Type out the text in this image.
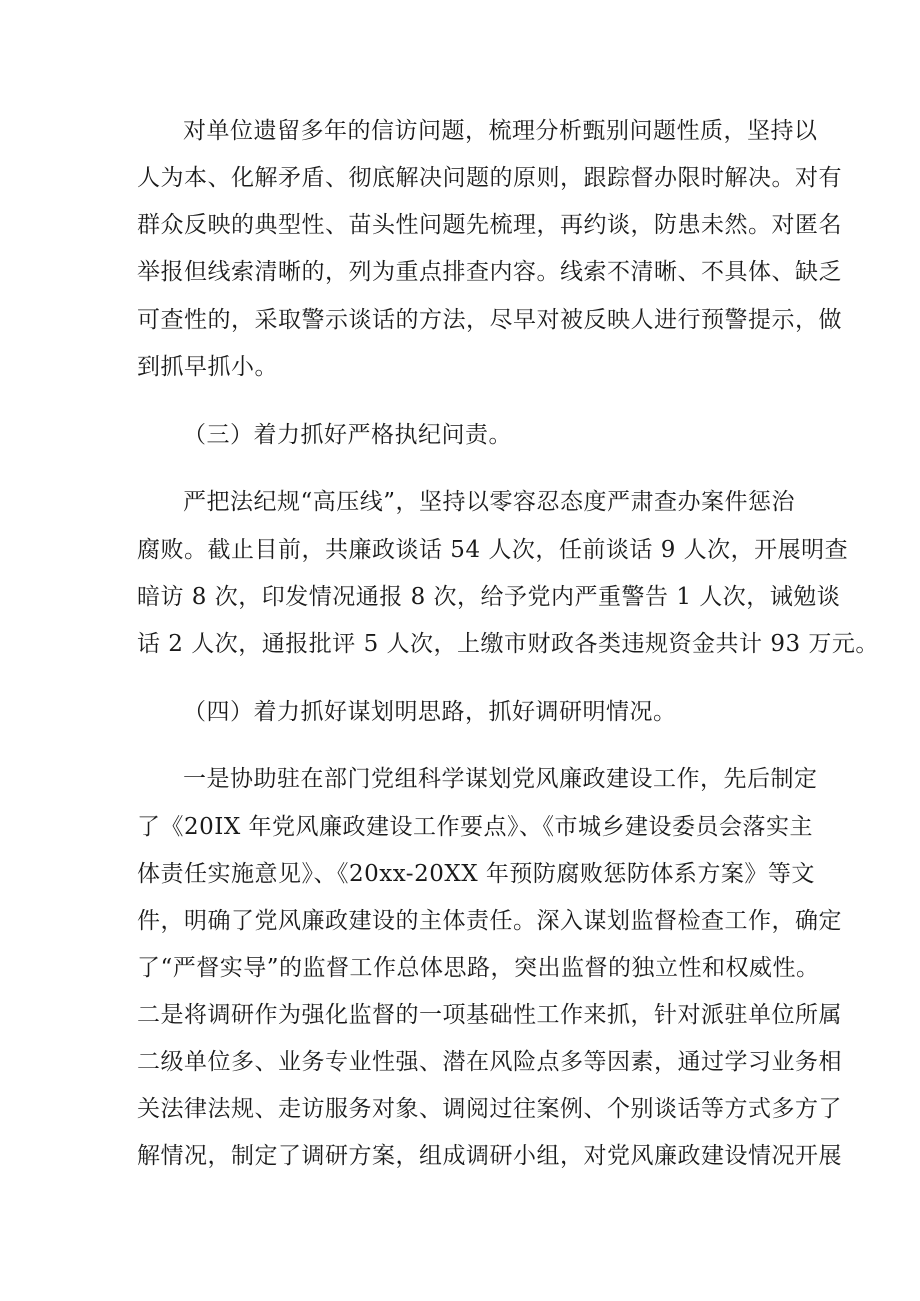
对单位遗留多年的信访问题，梳理分析甄别问题性质，坚持以
人为本、化解矛盾、彻底解决问题的原则，跟踪督办限时解决。对有
群众反映的典型性、苗头性问题先梳理，再约谈，防患未然。对匿名
举报但线索清晰的，列为重点排查内容。线索不清晰、不具体、缺乏
可查性的，采取警示谈话的方法，尽早对被反映人进行预警提示，做
到抓早抓小。
（三）着力抓好严格执纪问责。
严把法纪规“高压线”，坚持以零容忍态度严肃查办案件惩治
腐败。截止目前，共廉政谈话 54 人次，任前谈话 9 人次，开展明查
暗访 8 次，印发情况通报 8 次，给予党内严重警告 1 人次，诫勉谈
话 2 人次，通报批评 5 人次，上缴市财政各类违规资金共计 93 万元。
（四）着力抓好谋划明思路，抓好调研明情况。
一是协助驻在部门党组科学谋划党风廉政建设工作，先后制定
了《20IX 年党风廉政建设工作要点》、《市城乡建设委员会落实主
体责任实施意见》、《20xx-20XX 年预防腐败惩防体系方案》等文
件，明确了党风廉政建设的主体责任。深入谋划监督检查工作，确定
了“严督实导”的监督工作总体思路，突出监督的独立性和权威性。
二是将调研作为强化监督的一项基础性工作来抓，针对派驻单位所属
二级单位多、业务专业性强、潜在风险点多等因素，通过学习业务相
关法律法规、走访服务对象、调阅过往案例、个别谈话等方式多方了
解情况，制定了调研方案，组成调研小组，对党风廉政建设情况开展
